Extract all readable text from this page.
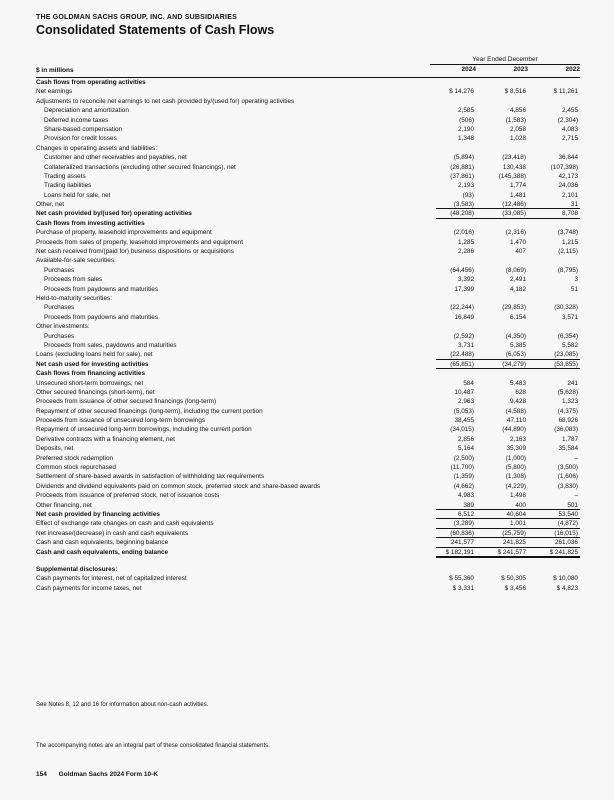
THE GOLDMAN SACHS GROUP, INC. AND SUBSIDIARIES
Consolidated Statements of Cash Flows
Year Ended December
2024	2023	2022
$ in millions
Cash flows from operating activities
Net earnings	$ 14,276	$ 8,516	$ 11,261
Adjustments to reconcile net earnings to net cash provided by/(used for) operating activities
Depreciation and amortization	2,585	4,856	2,455
Deferred income taxes	(506)	(1,583)	(2,304)
Share-based compensation	2,190	2,058	4,083
Provision for credit losses	1,348	1,028	2,715
Changes in operating assets and liabilities:
Customer and other receivables and payables, net	(5,894)	(23,418)	36,844
Collateralized transactions (excluding other secured financings), net	(26,881)	130,438	(107,398)
Trading assets	(37,861)	(145,388)	42,173
Trading liabilities	2,193	1,774	24,036
Loans held for sale, net	(93)	1,481	2,101
Other, net	(3,583)	(12,486)	31
Net cash provided by/(used for) operating activities	(48,208)	(33,085)	8,708
Cash flows from investing activities
Purchase of property, leasehold improvements and equipment	(2,016)	(2,316)	(3,748)
Proceeds from sales of property, leasehold improvements and equipment	1,285	1,470	1,215
Net cash received from/(paid for) business dispositions or acquisitions	2,286	407	(2,115)
Available-for-sale securities:
Purchases	(64,456)	(8,069)	(8,795)
Proceeds from sales	3,392	2,491	3
Proceeds from paydowns and maturities	17,399	4,182	51
Held-to-maturity securities:
Purchases	(22,244)	(29,853)	(30,328)
Proceeds from paydowns and maturities	16,849	6,154	3,571
Other investments:
Purchases	(2,592)	(4,350)	(6,354)
Proceeds from sales, paydowns and maturities	3,731	5,385	5,582
Loans (excluding loans held for sale), net	(22,488)	(6,053)	(23,085)
Net cash used for investing activities	(65,851)	(34,279)	(53,855)
Cash flows from financing activities
Unsecured short-term borrowings, net	584	5,483	241
Other secured financings (short-term), net	10,487	628	(5,628)
Proceeds from issuance of other secured financings (long-term)	2,963	9,428	1,323
Repayment of other secured financings (long-term), including the current portion	(5,053)	(4,588)	(4,375)
Proceeds from issuance of unsecured long-term borrowings	38,455	47,110	68,926
Repayment of unsecured long-term borrowings, including the current portion	(34,015)	(44,890)	(36,083)
Derivative contracts with a financing element, net	2,856	2,163	1,787
Deposits, net	5,164	35,309	35,584
Preferred stock redemption	(2,500)	(1,000)	–
Common stock repurchased	(11,700)	(5,800)	(3,500)
Settlement of share-based awards in satisfaction of withholding tax requirements	(1,359)	(1,308)	(1,606)
Dividends and dividend equivalents paid on common stock, preferred stock and share-based awards	(4,662)	(4,229)	(3,830)
Proceeds from issuance of preferred stock, net of issuance costs	4,983	1,498	–
Other financing, net	389	400	501
Net cash provided by financing activities	6,512	40,604	53,540
Effect of exchange rate changes on cash and cash equivalents	(3,289)	1,001	(4,872)
Net increase/(decrease) in cash and cash equivalents	(60,836)	(25,759)	(16,015)
Cash and cash equivalents, beginning balance	241,577	241,825	261,036
Cash and cash equivalents, ending balance	$ 182,191	$ 241,577	$ 241,825
Supplemental disclosures:
Cash payments for interest, net of capitalized interest	$ 55,360	$ 50,305	$ 10,080
Cash payments for income taxes, net	$ 3,331	$ 3,456	$ 4,823
See Notes 8, 12 and 16 for information about non-cash activities.
The accompanying notes are an integral part of these consolidated financial statements.
154 Goldman Sachs 2024 Form 10-K
